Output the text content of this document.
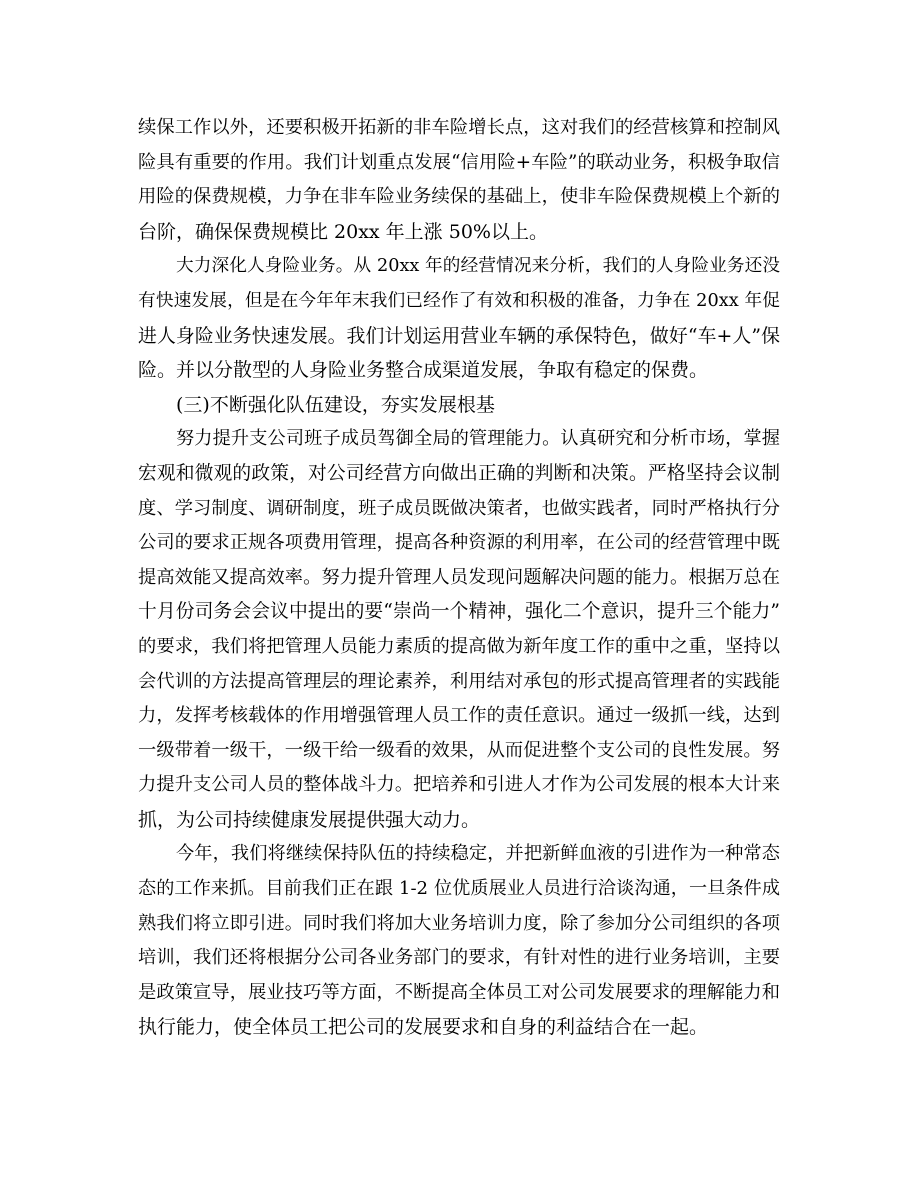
续保工作以外，还要积极开拓新的非车险增长点，这对我们的经营核算和控制风
险具有重要的作用。我们计划重点发展“信用险+车险”的联动业务，积极争取信
用险的保费规模，力争在非车险业务续保的基础上，使非车险保费规模上个新的
台阶，确保保费规模比 20xx 年上涨 50%以上。
大力深化人身险业务。从 20xx 年的经营情况来分析，我们的人身险业务还没
有快速发展，但是在今年年末我们已经作了有效和积极的准备，力争在 20xx 年促
进人身险业务快速发展。我们计划运用营业车辆的承保特色，做好“车+人”保
险。并以分散型的人身险业务整合成渠道发展，争取有稳定的保费。
(三)不断强化队伍建设，夯实发展根基
努力提升支公司班子成员驾御全局的管理能力。认真研究和分析市场，掌握
宏观和微观的政策，对公司经营方向做出正确的判断和决策。严格坚持会议制
度、学习制度、调研制度，班子成员既做决策者，也做实践者，同时严格执行分
公司的要求正规各项费用管理，提高各种资源的利用率，在公司的经营管理中既
提高效能又提高效率。努力提升管理人员发现问题解决问题的能力。根据万总在
十月份司务会会议中提出的要“崇尚一个精神，强化二个意识，提升三个能力”
的要求，我们将把管理人员能力素质的提高做为新年度工作的重中之重，坚持以
会代训的方法提高管理层的理论素养，利用结对承包的形式提高管理者的实践能
力，发挥考核载体的作用增强管理人员工作的责任意识。通过一级抓一线，达到
一级带着一级干，一级干给一级看的效果，从而促进整个支公司的良性发展。努
力提升支公司人员的整体战斗力。把培养和引进人才作为公司发展的根本大计来
抓，为公司持续健康发展提供强大动力。
今年，我们将继续保持队伍的持续稳定，并把新鲜血液的引进作为一种常态
态的工作来抓。目前我们正在跟 1-2 位优质展业人员进行洽谈沟通，一旦条件成
熟我们将立即引进。同时我们将加大业务培训力度，除了参加分公司组织的各项
培训，我们还将根据分公司各业务部门的要求，有针对性的进行业务培训，主要
是政策宣导，展业技巧等方面，不断提高全体员工对公司发展要求的理解能力和
执行能力，使全体员工把公司的发展要求和自身的利益结合在一起。
